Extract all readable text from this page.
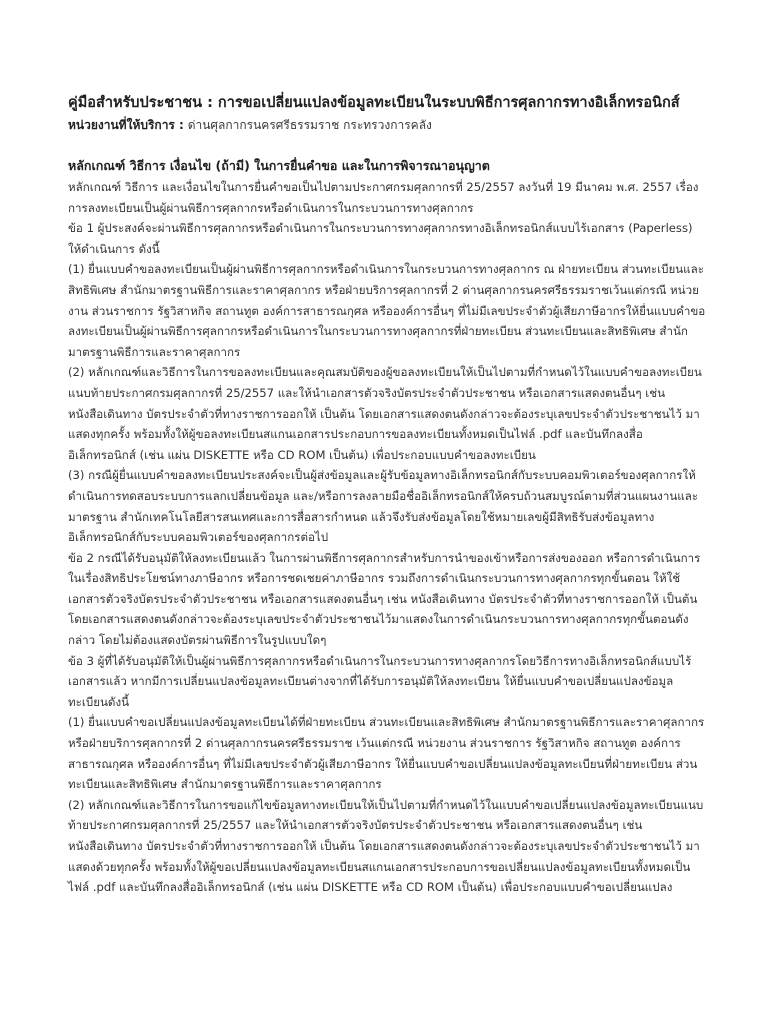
คู่มือสำหรับประชาชน : การขอเปลี่ยนแปลงข้อมูลทะเบียนในระบบพิธีการศุลกากรทางอิเล็กทรอนิกส์

หน่วยงานที่ให้บริการ : ด่านศุลกากรนครศรีธรรมราช กระทรวงการคลัง

หลักเกณฑ์ วิธีการ เงื่อนไข (ถ้ามี) ในการยื่นคำขอ และในการพิจารณาอนุญาต

หลักเกณฑ์ วิธีการ และเงื่อนไขในการยื่นคำขอเป็นไปตามประกาศกรมศุลกากรที่ 25/2557 ลงวันที่ 19 มีนาคม พ.ศ. 2557 เรื่อง การลงทะเบียนเป็นผู้ผ่านพิธีการศุลกากรหรือดำเนินการในกระบวนการทางศุลกากร

ข้อ 1 ผู้ประสงค์จะผ่านพิธีการศุลกากรหรือดำเนินการในกระบวนการทางศุลกากรทางอิเล็กทรอนิกส์แบบไร้เอกสาร (Paperless) ให้ดำเนินการ ดังนี้

(1) ยื่นแบบคำขอลงทะเบียนเป็นผู้ผ่านพิธีการศุลกากรหรือดำเนินการในกระบวนการทางศุลกากร ณ ฝ่ายทะเบียน ส่วนทะเบียนและสิทธิพิเศษ สำนักมาตรฐานพิธีการและราคาศุลกากร หรือฝ่ายบริการศุลกากรที่ 2 ด่านศุลกากรนครศรีธรรมราชเว้นแต่กรณี หน่วยงาน ส่วนราชการ รัฐวิสาหกิจ สถานทูต องค์การสาธารณกุศล หรือองค์การอื่นๆ ที่ไม่มีเลขประจำตัวผู้เสียภาษีอากรให้ยื่นแบบคำขอลงทะเบียนเป็นผู้ผ่านพิธีการศุลกากรหรือดำเนินการในกระบวนการทางศุลกากรที่ฝ่ายทะเบียน ส่วนทะเบียนและสิทธิพิเศษ สำนักมาตรฐานพิธีการและราคาศุลกากร

(2) หลักเกณฑ์และวิธีการในการขอลงทะเบียนและคุณสมบัติของผู้ขอลงทะเบียนให้เป็นไปตามที่กำหนดไว้ในแบบคำขอลงทะเบียนแนบท้ายประกาศกรมศุลกากรที่ 25/2557 และให้นำเอกสารตัวจริงบัตรประจำตัวประชาชน หรือเอกสารแสดงตนอื่นๆ เช่น หนังสือเดินทาง บัตรประจำตัวที่ทางราชการออกให้ เป็นต้น โดยเอกสารแสดงตนดังกล่าวจะต้องระบุเลขประจำตัวประชาชนไว้ มาแสดงทุกครั้ง พร้อมทั้งให้ผู้ขอลงทะเบียนสแกนเอกสารประกอบการขอลงทะเบียนทั้งหมดเป็นไฟล์ .pdf และบันทึกลงสื่ออิเล็กทรอนิกส์ (เช่น แผ่น DISKETTE หรือ CD ROM เป็นต้น) เพื่อประกอบแบบคำขอลงทะเบียน

(3) กรณีผู้ยื่นแบบคำขอลงทะเบียนประสงค์จะเป็นผู้ส่งข้อมูลและผู้รับข้อมูลทางอิเล็กทรอนิกส์กับระบบคอมพิวเตอร์ของศุลกากรให้ดำเนินการทดสอบระบบการแลกเปลี่ยนข้อมูล และ/หรือการลงลายมือชื่ออิเล็กทรอนิกส์ให้ครบถ้วนสมบูรณ์ตามที่ส่วนแผนงานและมาตรฐาน สำนักเทคโนโลยีสารสนเทศและการสื่อสารกำหนด แล้วจึงรับส่งข้อมูลโดยใช้หมายเลขผู้มีสิทธิรับส่งข้อมูลทางอิเล็กทรอนิกส์กับระบบคอมพิวเตอร์ของศุลกากรต่อไป

ข้อ 2 กรณีได้รับอนุมัติให้ลงทะเบียนแล้ว ในการผ่านพิธีการศุลกากรสำหรับการนำของเข้าหรือการส่งของออก หรือการดำเนินการในเรื่องสิทธิประโยชน์ทางภาษีอากร หรือการชดเชยค่าภาษีอากร รวมถึงการดำเนินกระบวนการทางศุลกากรทุกขั้นตอน ให้ใช้เอกสารตัวจริงบัตรประจำตัวประชาชน หรือเอกสารแสดงตนอื่นๆ เช่น หนังสือเดินทาง บัตรประจำตัวที่ทางราชการออกให้ เป็นต้น โดยเอกสารแสดงตนดังกล่าวจะต้องระบุเลขประจำตัวประชาชนไว้มาแสดงในการดำเนินกระบวนการทางศุลกากรทุกขั้นตอนดังกล่าว โดยไม่ต้องแสดงบัตรผ่านพิธีการในรูปแบบใดๆ

ข้อ 3 ผู้ที่ได้รับอนุมัติให้เป็นผู้ผ่านพิธีการศุลกากรหรือดำเนินการในกระบวนการทางศุลกากรโดยวิธีการทางอิเล็กทรอนิกส์แบบไร้เอกสารแล้ว หากมีการเปลี่ยนแปลงข้อมูลทะเบียนต่างจากที่ได้รับการอนุมัติให้ลงทะเบียน ให้ยื่นแบบคำขอเปลี่ยนแปลงข้อมูลทะเบียนดังนี้

(1) ยื่นแบบคำขอเปลี่ยนแปลงข้อมูลทะเบียนได้ที่ฝ่ายทะเบียน ส่วนทะเบียนและสิทธิพิเศษ สำนักมาตรฐานพิธีการและราคาศุลกากร หรือฝ่ายบริการศุลกากรที่ 2 ด่านศุลกากรนครศรีธรรมราช เว้นแต่กรณี หน่วยงาน ส่วนราชการ รัฐวิสาหกิจ สถานทูต องค์การสาธารณกุศล หรือองค์การอื่นๆ ที่ไม่มีเลขประจำตัวผู้เสียภาษีอากร ให้ยื่นแบบคำขอเปลี่ยนแปลงข้อมูลทะเบียนที่ฝ่ายทะเบียน ส่วนทะเบียนและสิทธิพิเศษ สำนักมาตรฐานพิธีการและราคาศุลกากร

(2) หลักเกณฑ์และวิธีการในการขอแก้ไขข้อมูลทางทะเบียนให้เป็นไปตามที่กำหนดไว้ในแบบคำขอเปลี่ยนแปลงข้อมูลทะเบียนแนบท้ายประกาศกรมศุลกากรที่ 25/2557 และให้นำเอกสารตัวจริงบัตรประจำตัวประชาชน หรือเอกสารแสดงตนอื่นๆ เช่น หนังสือเดินทาง บัตรประจำตัวที่ทางราชการออกให้ เป็นต้น โดยเอกสารแสดงตนดังกล่าวจะต้องระบุเลขประจำตัวประชาชนไว้ มาแสดงด้วยทุกครั้ง พร้อมทั้งให้ผู้ขอเปลี่ยนแปลงข้อมูลทะเบียนสแกนเอกสารประกอบการขอเปลี่ยนแปลงข้อมูลทะเบียนทั้งหมดเป็นไฟล์ .pdf และบันทึกลงสื่ออิเล็กทรอนิกส์ (เช่น แผ่น DISKETTE หรือ CD ROM เป็นต้น) เพื่อประกอบแบบคำขอเปลี่ยนแปลง
